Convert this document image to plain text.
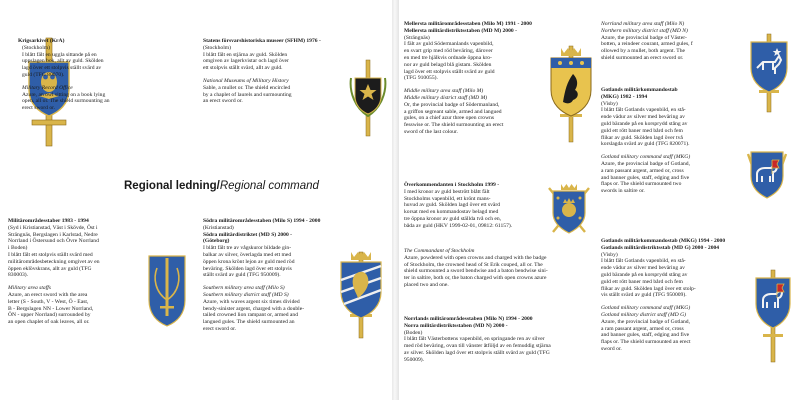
Krigsarkivet (KrA)

(Stockholm)

I blått fält en uggla sittande på en

uppslagen bok, allt av guld. Skölden

lagd över ett stolpvis ställt svärd av

guld (TFG 80070).

Military Record Office

Azure, an owl sitting on a book lying

open, all or. The shield surmounting an

erect sword or.

Statens försvarshistoriska museer (SFHM) 1976 -

(Stockholm)

I blått fält en stjärna av guld. Skölden

omgiven av lagerkvistar och lagd över

ett stolpvis ställt svärd, allt av guld.

National Museums of Military History

Sable, a mullet or. The shield encircled

by a chaplet of laurels and surmounting

an erect sword or.

Regional ledning/Regional command

Militärområdesstaber 1983 - 1994

(Syd i Kristianstad, Väst i Skövde, Öst i

Strängnäs, Bergslagen i Karlstad, Nedre

Norrland i Östersund och Övre Norrland

i Boden)

I blått fält ett stolpvis ställt svärd med

militärområdesbeteckning omgivet av en

öppen eklövskrans, allt av guld (TFG

830003).

Military area staffs

Azure, an erect sword with the area

letter (S - South, V - West, Ö - East,

B - Bergslagen NN - Lower Norrland,

ÖN - upper Norrland) surrounded by

an open chaplet of oak leaves, all or.

Södra militärområdesstaben (Milo S) 1994 - 2000

(Kristianstad)

Södra militärdistriktet (MD S) 2000 -

(Göteborg)

I blått fält tre av vågskuror bildade gin-

balkar av silver, överlagda med ett med

öppen krona krönt lejon av guld med röd

beväring. Skölden lagd över ett stolpvis

ställt svärd av guld (TFG 950009).

Southern military area staff (Milo S)

Southern military district staff (MD S)

Azure, with waves argent six times divided

bendy-sinister argent, charged with a double-

tailed crowned lion rampant or, armed and

langued gules. The shield surmounted an

erect sword or.

Mellersta militärområdesstaben (Milo M) 1991 - 2000

Mellersta militärdistriktsstaben (MD M) 2000 -

(Strängnäs)

I fält av guld Södermanlands vapenbild,

en svart grip med röd beväring, därover

en med tre hjälkvis ordnade öppna kro-

nor av guld belagd blå gistam. Skölden

lagd över ett stolpvis ställt svärd av guld

(TFG 910055).

Middle military area staff (Milo M)

Middle military district staff (MD M)

Or, the provincial badge of Södermanland,

a griffon segreant sable, armed and langued

gules, on a chief azur three open crowns

fesswise or. The shield surmounting an erect

sword of the last colour.

Norrland military area staff (Milo N)

Northern military district staff (MD N)

Azure, the provincial badge of Väster-

botten, a reindeer courant, armed gules, f

ollowed by a mullet, both argent. The

shield surmounted an erect sword or.

Gotlands militärkommandostab

(MKG) 1982 - 1994

(Visby)

I blått fält Gotlands vapenbild, en stå-

ende vädur av silver med beväring av

guld bärande på en korsprydd stång av

guld ett rött baner med bård och fem

flikar av guld. Skölden lagd över två

korslagda svärd av guld (TFG 820071).

Gotland military command staff (MKG)

Azure, the provincial badge of Gotland,

a ram passant argent, armed or, cross

and banner gules, staff, edging and five

flaps or. The shield surmounted two

swords in saltire or.

Överkommendanten i Stockholm 1999 -

I med kronor av guld bestrött blått fält

Stockholms vapenbild, ett krönt mans-

huvud av guld. Skölden lagd över ett svärd

korsat med en kommandostav belagd med

tre öppna kronor av guld ställda två och en,

båda av guld (HKV 1999-02-01, 09812: 61157).

The Commandant of Stockholm

Azure, powdered with open crowns and charged with the badge

of Stockholm, the crowned head of St Erik couped, all or. The

shield surmounted a sword bendwise and a baton bendwise sini-

ter in saltire, both or, the baton charged with open crowns azure

placed two and one.

Norrlands militärområdesstaben (Milo N) 1994 - 2000

Norra militärdistriktsstaben (MD N) 2000 -

(Boden)

I blått fält Västerbottens vapenbild, en springande ren av silver

med röd beväring, ovan till vänster åtföljd av en femuddig stjärna

av silver. Skölden lagd över ett stolpvis ställt svärd av guld (TFG

950009).

Gotlands militärkommandostab (MKG) 1994 - 2000

Gotlands militärdistriktsstab (MD G) 2000 - 2004

(Visby)

I blått fält Gotlands vapenbild, en stå-

ende vädur av silver med beväring av

guld bärande på en korsprydd stång av

guld ett rött baner med bård och fem

flikar av guld. Skölden lagd över ett stolp-

vis ställt svärd av guld (TFG 950009).

Gotland military command staff (MKG)

Gotland military district staff (MD G)

Azure, the provincial badge of Gotland,

a ram passant argent, armed or, cross

and banner gules, staff, edging and five

flaps or. The shield surmounted an erect

sword or.
